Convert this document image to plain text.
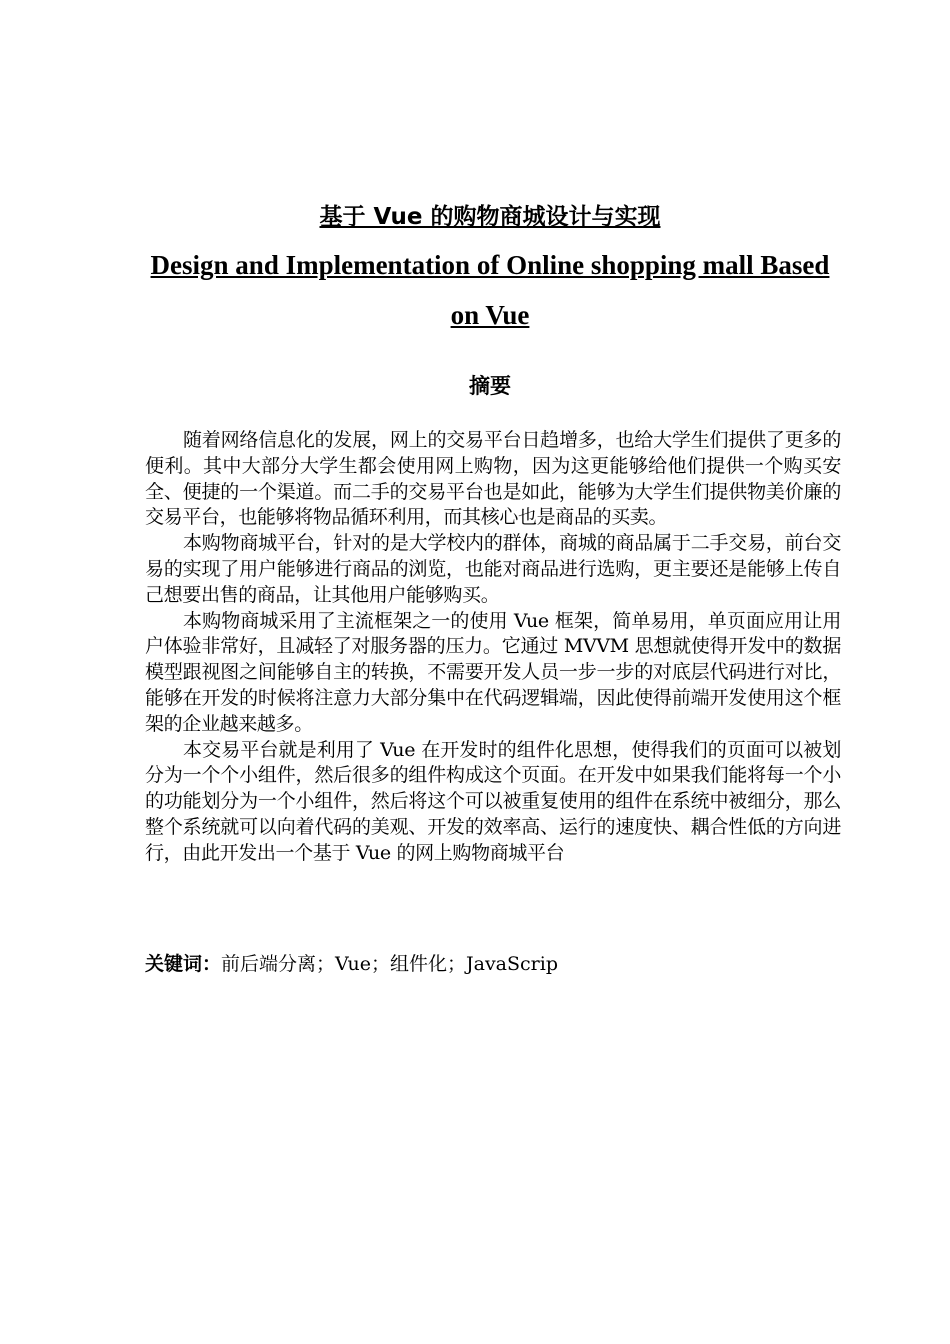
基于 Vue 的购物商城设计与实现
Design and Implementation of Online shopping mall Based on Vue
摘要

随着网络信息化的发展，网上的交易平台日趋增多，也给大学生们提供了更多的便利。其中大部分大学生都会使用网上购物，因为这更能够给他们提供一个购买安全、便捷的一个渠道。而二手的交易平台也是如此，能够为大学生们提供物美价廉的交易平台，也能够将物品循环利用，而其核心也是商品的买卖。

本购物商城平台，针对的是大学校内的群体，商城的商品属于二手交易，前台交易的实现了用户能够进行商品的浏览，也能对商品进行选购，更主要还是能够上传自己想要出售的商品，让其他用户能够购买。

本购物商城采用了主流框架之一的使用 Vue 框架，简单易用，单页面应用让用户体验非常好，且减轻了对服务器的压力。它通过 MVVM 思想就使得开发中的数据模型跟视图之间能够自主的转换，不需要开发人员一步一步的对底层代码进行对比，能够在开发的时候将注意力大部分集中在代码逻辑端，因此使得前端开发使用这个框架的企业越来越多。

本交易平台就是利用了 Vue 在开发时的组件化思想，使得我们的页面可以被划分为一个个小组件，然后很多的组件构成这个页面。在开发中如果我们能将每一个小的功能划分为一个小组件，然后将这个可以被重复使用的组件在系统中被细分，那么整个系统就可以向着代码的美观、开发的效率高、运行的速度快、耦合性低的方向进行，由此开发出一个基于 Vue 的网上购物商城平台

关键词：前后端分离；Vue；组件化；JavaScrip
